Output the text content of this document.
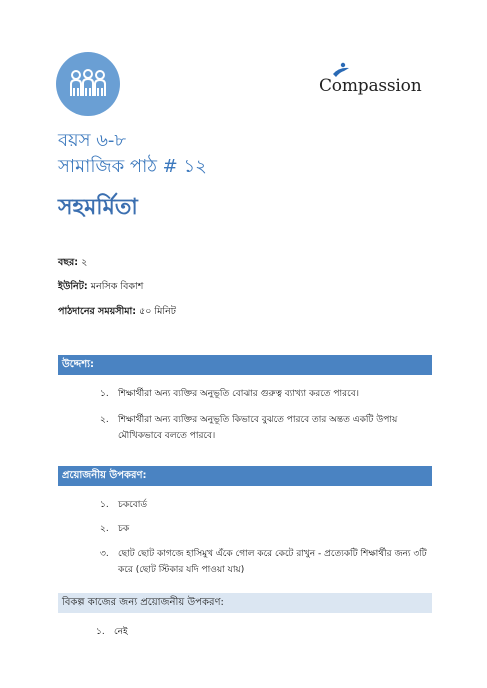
Compassion
বয়স ৬-৮
সামাজিক পাঠ # ১২
সহমর্মিতা
বছর: ২
ইউনিট: মনসিক বিকাশ
পাঠদানের সময়সীমা: ৫০ মিনিট
উদ্দেশ্য:
১. শিক্ষার্থীরা অন্য ব্যক্তির অনুভূতি বোঝার গুরুত্ব ব্যাখ্যা করতে পারবে।
২. শিক্ষার্থীরা অন্য ব্যক্তির অনুভূতি কিভাবে বুঝতে পারবে তার অন্তত একটি উপায় মৌখিকভাবে বলতে পারবে।
প্রয়োজনীয় উপকরণ:
১. চকবোর্ড
২. চক
৩. ছোট ছোট কাগজে হাসিমুখ এঁকে গোল করে কেটে রাখুন - প্রত্যেকটি শিক্ষার্থীর জন্য ৩টি করে (ছোট স্টিকার যদি পাওয়া যায়)
বিকল্প কাজের জন্য প্রয়োজনীয় উপকরণ:
১. নেই
